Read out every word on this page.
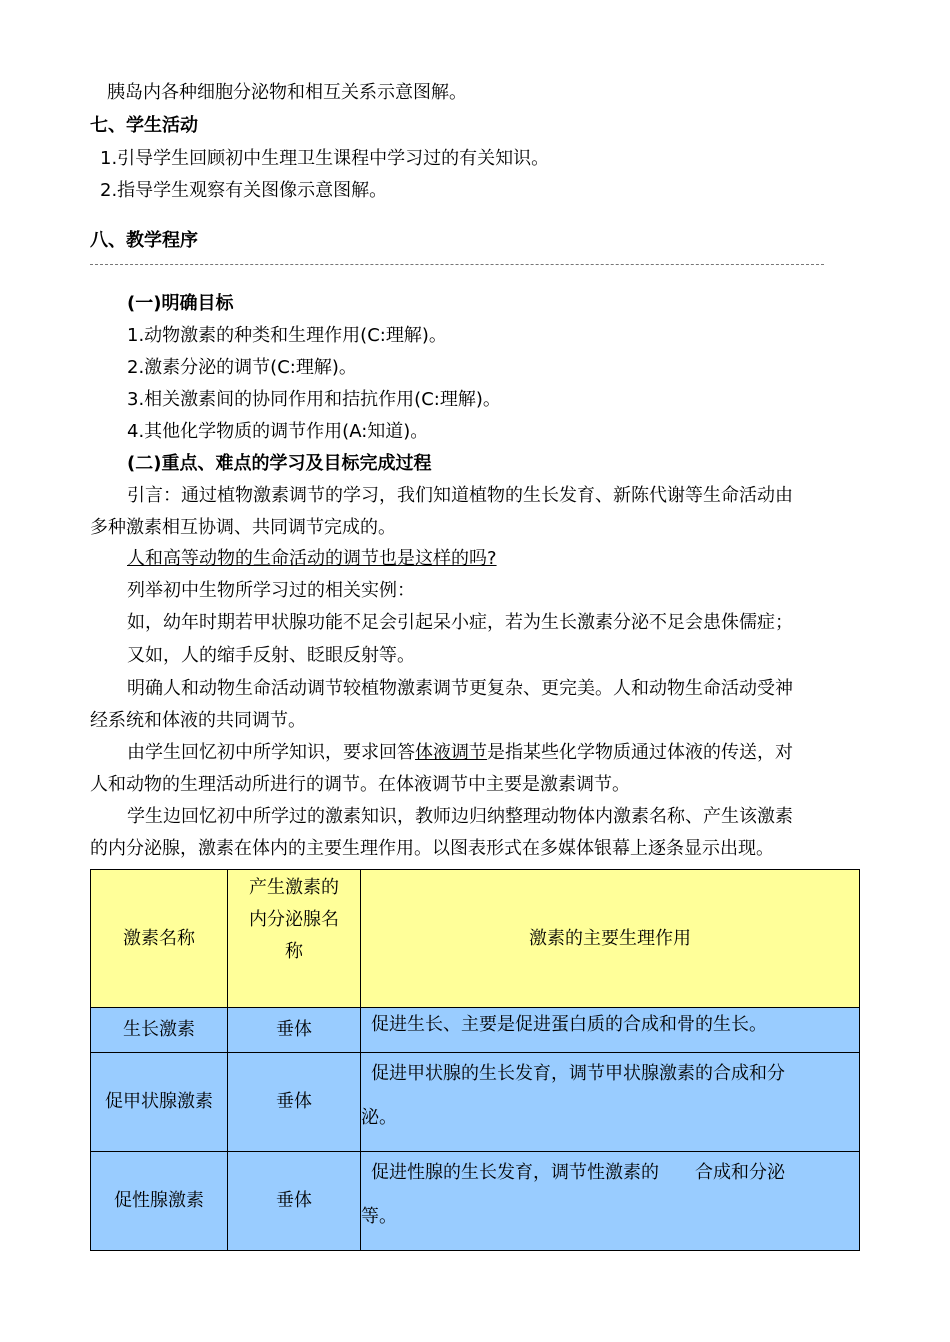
胰岛内各种细胞分泌物和相互关系示意图解。
七、学生活动
1.引导学生回顾初中生理卫生课程中学习过的有关知识。
2.指导学生观察有关图像示意图解。
八、教学程序
(一)明确目标
1.动物激素的种类和生理作用(C:理解)。
2.激素分泌的调节(C:理解)。
3.相关激素间的协同作用和拮抗作用(C:理解)。
4.其他化学物质的调节作用(A:知道)。
(二)重点、难点的学习及目标完成过程
引言：通过植物激素调节的学习，我们知道植物的生长发育、新陈代谢等生命活动由
多种激素相互协调、共同调节完成的。
人和高等动物的生命活动的调节也是这样的吗?
列举初中生物所学习过的相关实例：
如，幼年时期若甲状腺功能不足会引起呆小症，若为生长激素分泌不足会患侏儒症；
又如，人的缩手反射、眨眼反射等。
明确人和动物生命活动调节较植物激素调节更复杂、更完美。人和动物生命活动受神
经系统和体液的共同调节。
由学生回忆初中所学知识，要求回答体液调节是指某些化学物质通过体液的传送，对
人和动物的生理活动所进行的调节。在体液调节中主要是激素调节。
学生边回忆初中所学过的激素知识，教师边归纳整理动物体内激素名称、产生该激素
的内分泌腺，激素在体内的主要生理作用。以图表形式在多媒体银幕上逐条显示出现。
激素名称	产生激素的
内分泌腺名
称	激素的主要生理作用
生长激素	垂体	促进生长、主要是促进蛋白质的合成和骨的生长。

促甲状腺激素	垂体	促进甲状腺的生长发育，调节甲状腺激素的合成和分
泌。

促性腺激素	垂体	促进性腺的生长发育，调节性激素的　　合成和分泌
等。
